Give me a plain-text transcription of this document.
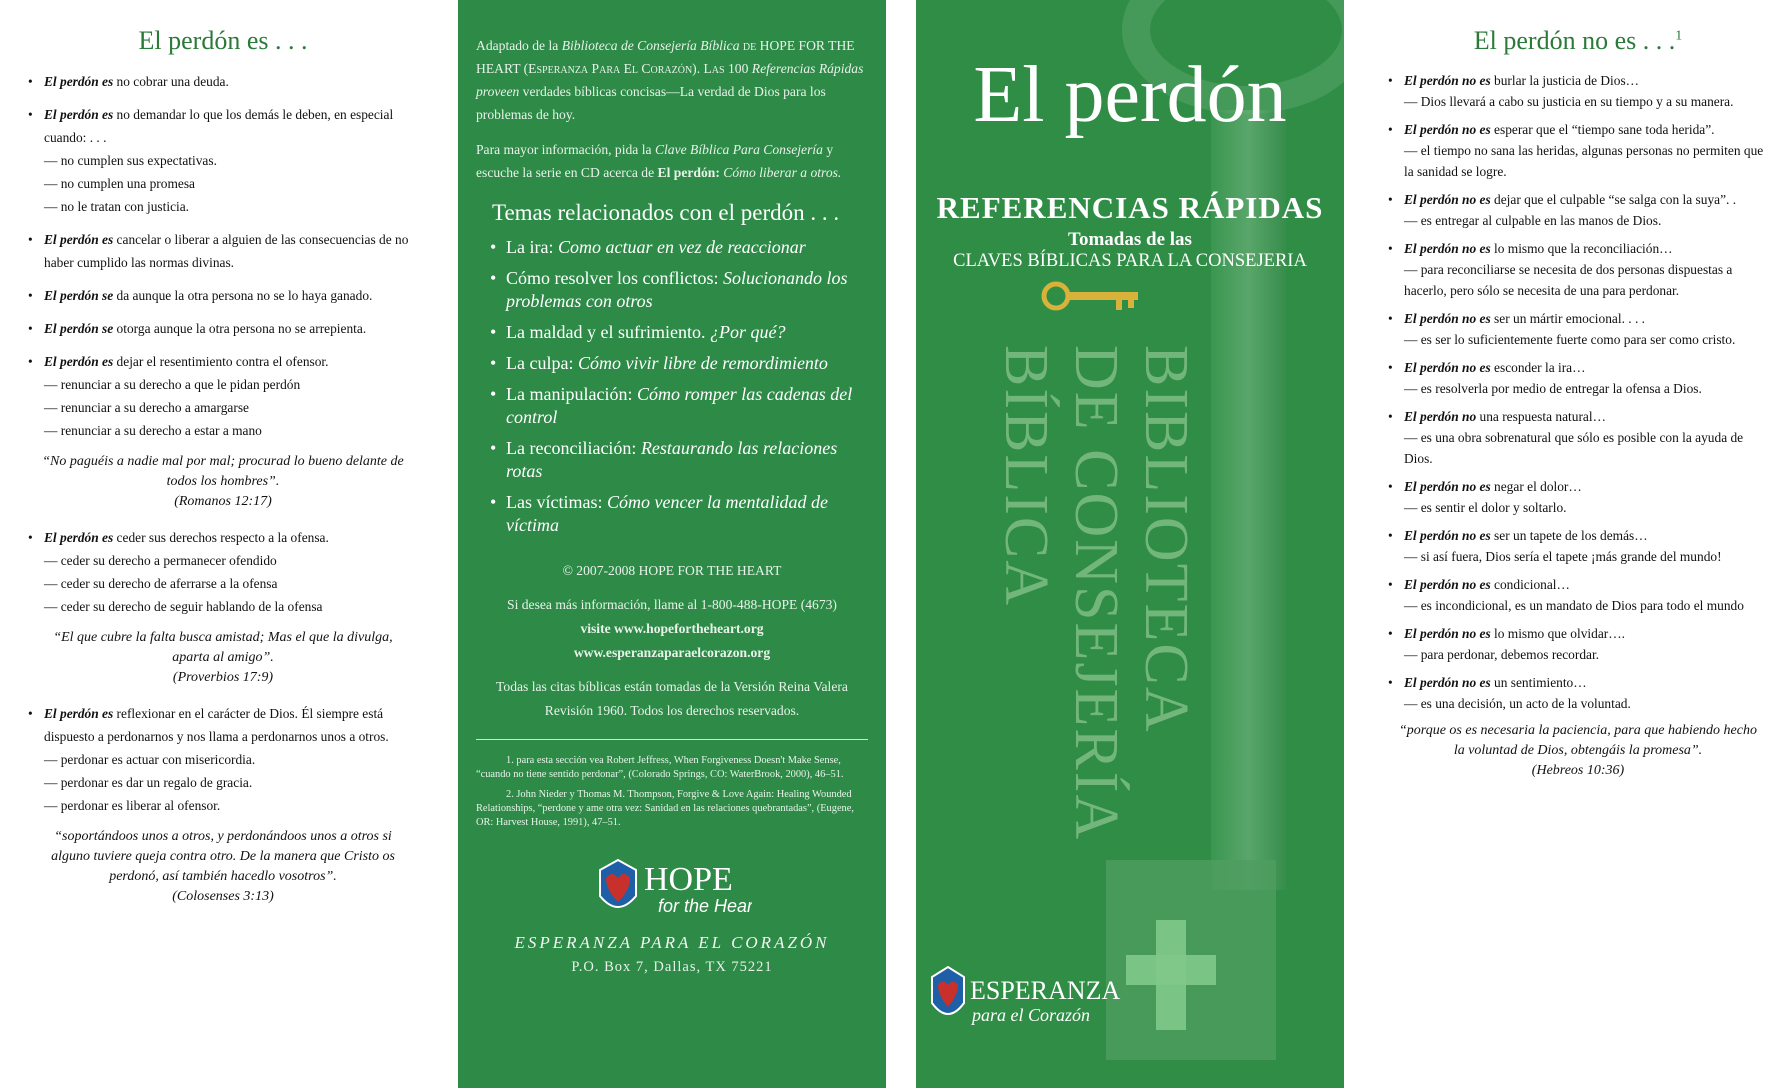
El perdón es . . .
• El perdón es no cobrar una deuda.
• El perdón es no demandar lo que los demás le deben, en especial cuando: . . .
— no cumplen sus expectativas.
— no cumplen una promesa
— no le tratan con justicia.
• El perdón es cancelar o liberar a alguien de las consecuencias de no haber cumplido las normas divinas.
• El perdón se da aunque la otra persona no se lo haya ganado.
• El perdón se otorga aunque la otra persona no se arrepienta.
• El perdón es dejar el resentimiento contra el ofensor.
— renunciar a su derecho a que le pidan perdón
— renunciar a su derecho a amargarse
— renunciar a su derecho a estar a mano
“No paguéis a nadie mal por mal; procurad lo bueno delante de todos los hombres”.
(Romanos 12:17)
• El perdón es ceder sus derechos respecto a la ofensa.
— ceder su derecho a permanecer ofendido
— ceder su derecho de aferrarse a la ofensa
— ceder su derecho de seguir hablando de la ofensa
“El que cubre la falta busca amistad; Mas el que la divulga, aparta al amigo”.
(Proverbios 17:9)
• El perdón es reflexionar en el carácter de Dios. Él siempre está dispuesto a perdonarnos y nos llama a perdonarnos unos a otros.
— perdonar es actuar con misericordia.
— perdonar es dar un regalo de gracia.
— perdonar es liberar al ofensor.
“soportándoos unos a otros, y perdonándoos unos a otros si alguno tuviere queja contra otro. De la manera que Cristo os perdonó, así también hacedlo vosotros”.
(Colosenses 3:13)

Adaptado de la Biblioteca de Consejería Bíblica de HOPE FOR THE HEART (Esperanza Para El Corazón). Las 100 Referencias Rápidas proveen verdades bíblicas concisas—La verdad de Dios para los problemas de hoy.

Para mayor información, pida la Clave Bíblica Para Consejería y escuche la serie en CD acerca de El perdón: Cómo liberar a otros.

Temas relacionados con el perdón . . .
• La ira: Como actuar en vez de reaccionar
• Cómo resolver los conflictos: Solucionando los problemas con otros
• La maldad y el sufrimiento. ¿Por qué?
• La culpa: Cómo vivir libre de remordimiento
• La manipulación: Cómo romper las cadenas del control
• La reconciliación: Restaurando las relaciones rotas
• Las víctimas: Cómo vencer la mentalidad de víctima
© 2007-2008 HOPE FOR THE HEART
Si desea más información, llame al 1-800-488-HOPE (4673)
visite www.hopefortheheart.org
www.esperanzaparaelcorazon.org
Todas las citas bíblicas están tomadas de la Versión Reina Valera Revisión 1960. Todos los derechos reservados.

1. para esta sección vea Robert Jeffress, When Forgiveness Doesn't Make Sense, “cuando no tiene sentido perdonar”, (Colorado Springs, CO: WaterBrook, 2000), 46–51.

2. John Nieder y Thomas M. Thompson, Forgive & Love Again: Healing Wounded Relationships, “perdone y ame otra vez: Sanidad en las relaciones quebrantadas”, (Eugene, OR: Harvest House, 1991), 47–51.

HOPE
for the Heart
ESPERANZA PARA EL CORAZÓN
P.O. Box 7, Dallas, TX 75221
El perdón
REFERENCIAS RÁPIDAS
Tomadas de las
CLAVES BÍBLICAS PARA LA CONSEJERIA
BIBLIOTECA
DE CONSEJERÍA
BÍBLICA
ESPERANZA
para el Corazón
El perdón no es . . .$^1$
• El perdón no es burlar la justicia de Dios…
— Dios llevará a cabo su justicia en su tiempo y a su manera.
• El perdón no es esperar que el “tiempo sane toda herida”.
— el tiempo no sana las heridas, algunas personas no permiten que la sanidad se logre.
• El perdón no es dejar que el culpable “se salga con la suya”. .
— es entregar al culpable en las manos de Dios.
• El perdón no es lo mismo que la reconciliación…
— para reconciliarse se necesita de dos personas dispuestas a hacerlo, pero sólo se necesita de una para perdonar.
• El perdón no es ser un mártir emocional. . . .
— es ser lo suficientemente fuerte como para ser como cristo.
• El perdón no es esconder la ira…
— es resolverla por medio de entregar la ofensa a Dios.
• El perdón no una respuesta natural…
— es una obra sobrenatural que sólo es posible con la ayuda de Dios.
• El perdón no es negar el dolor…
— es sentir el dolor y soltarlo.
• El perdón no es ser un tapete de los demás…
— si así fuera, Dios sería el tapete ¡más grande del mundo!
• El perdón no es condicional…
— es incondicional, es un mandato de Dios para todo el mundo
• El perdón no es lo mismo que olvidar….
— para perdonar, debemos recordar.
• El perdón no es un sentimiento…
— es una decisión, un acto de la voluntad.
“porque os es necesaria la paciencia, para que habiendo hecho la voluntad de Dios, obtengáis la promesa”.
(Hebreos 10:36)
